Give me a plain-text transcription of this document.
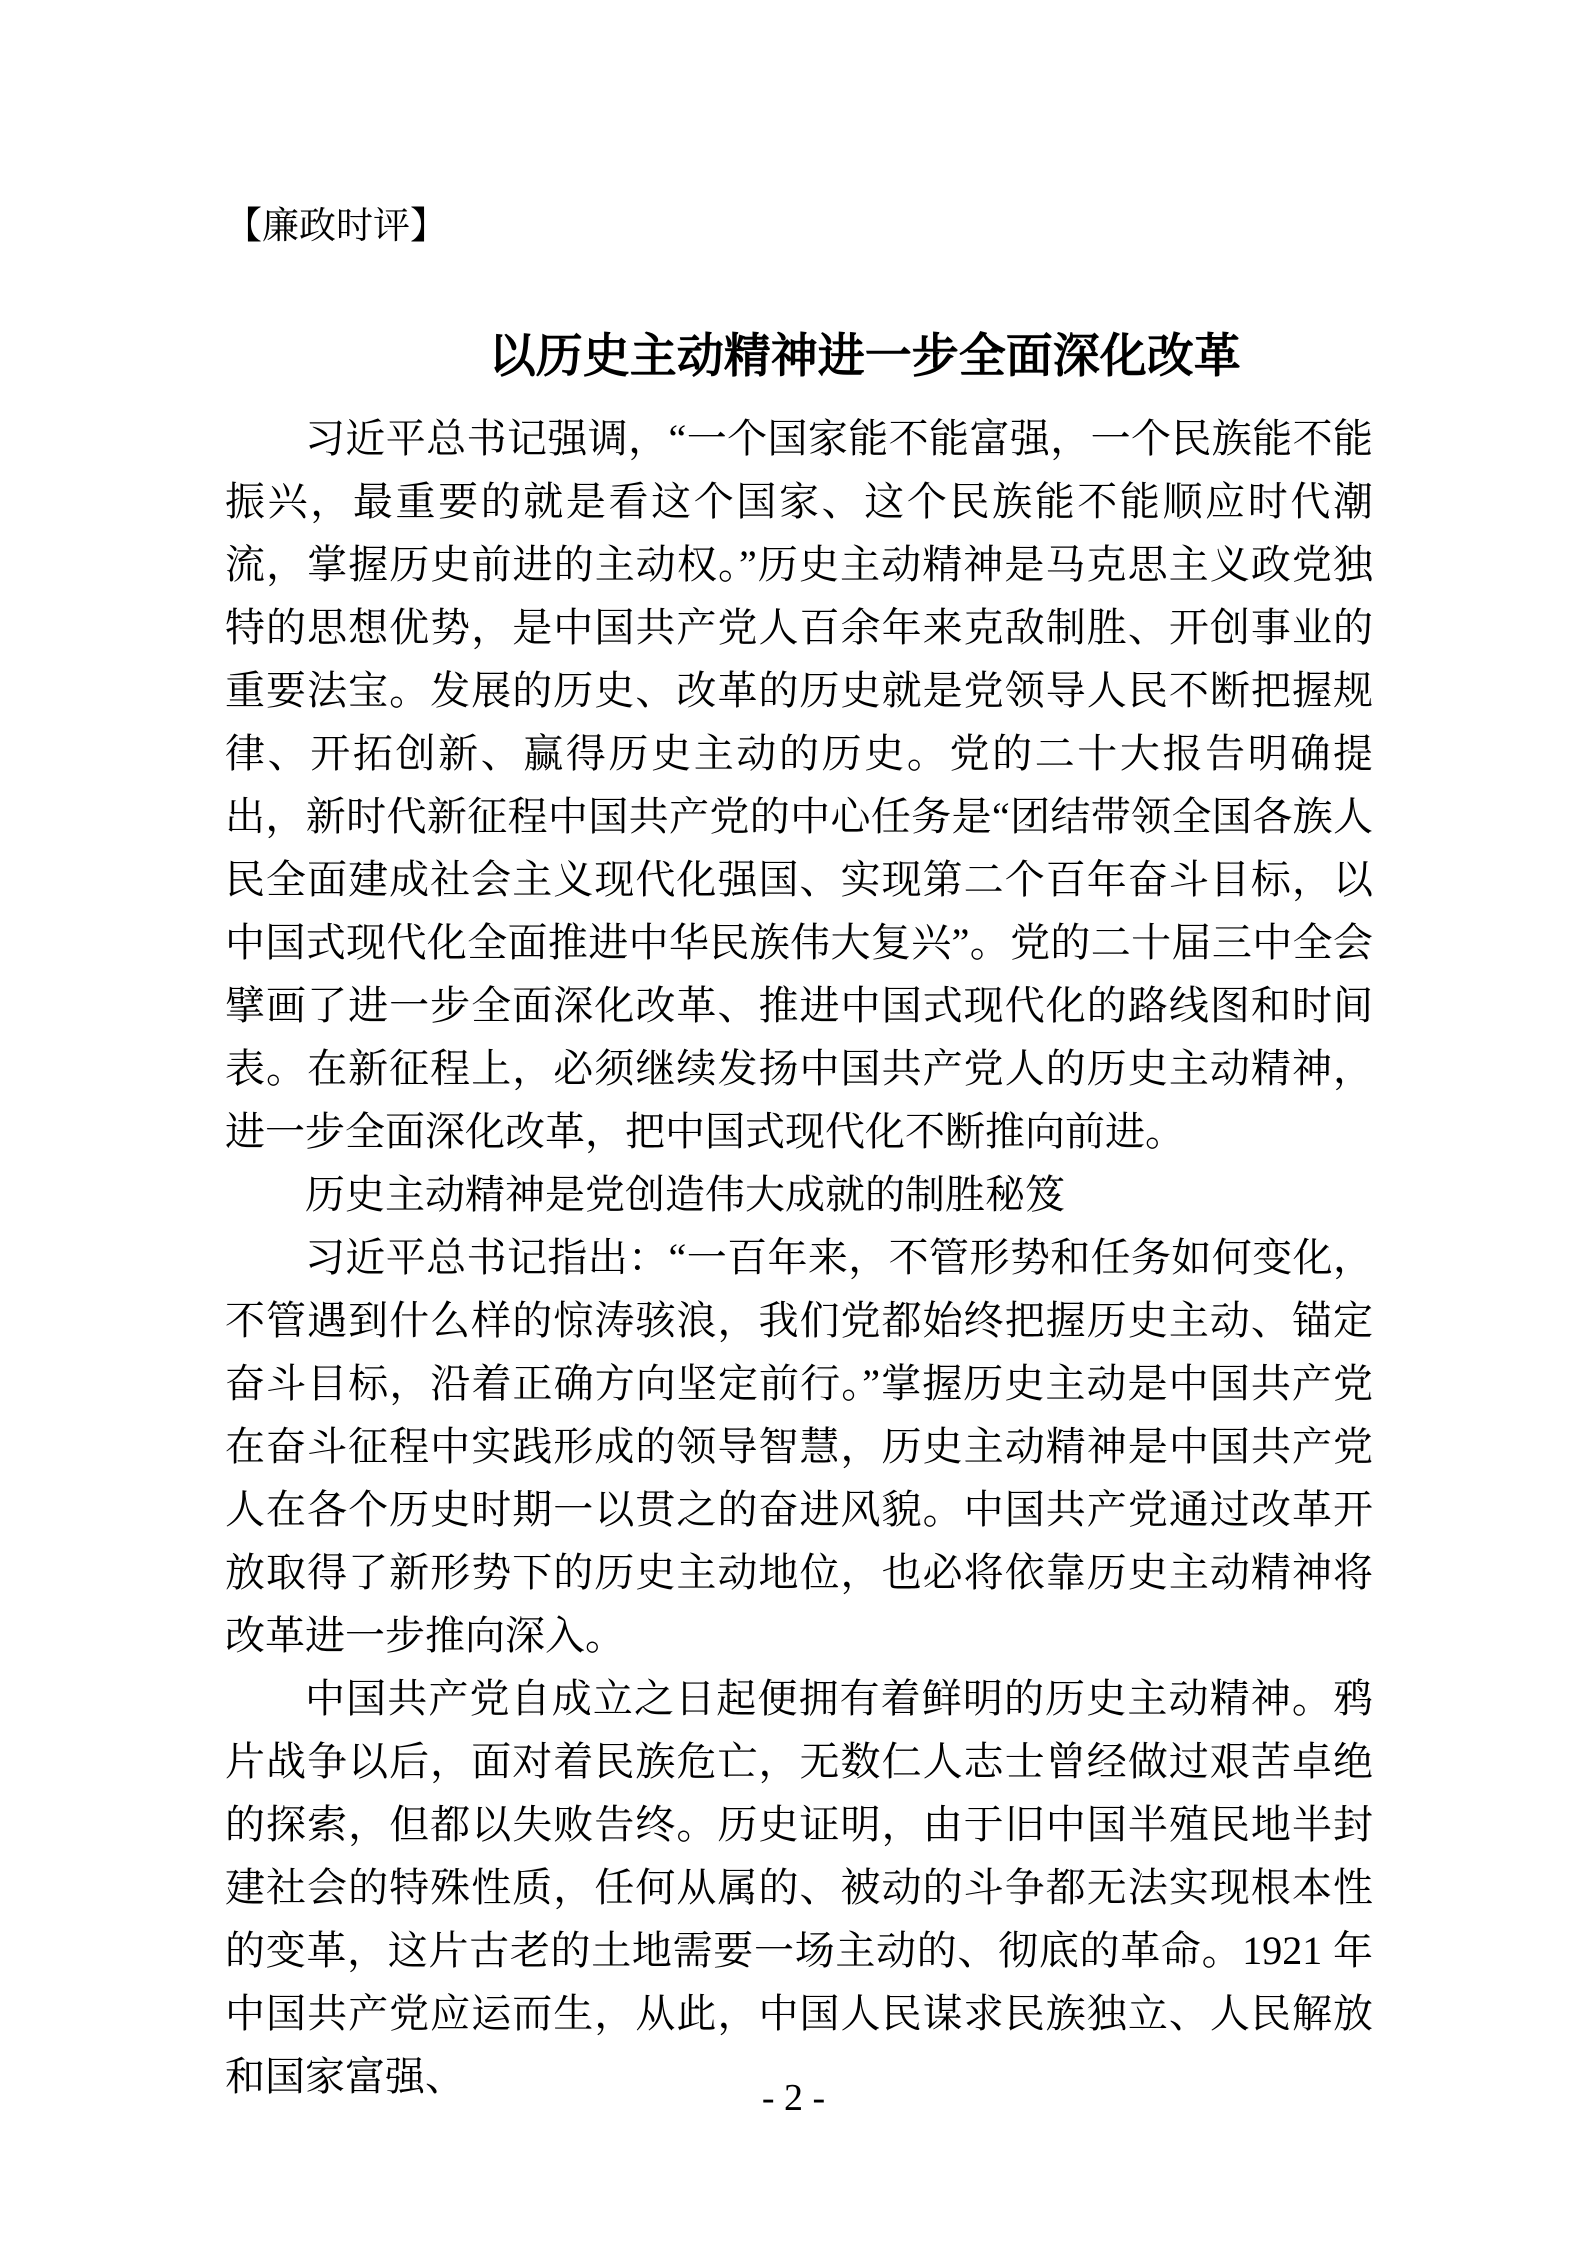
【廉政时评】

以历史主动精神进一步全面深化改革

习近平总书记强调，“一个国家能不能富强，一个民族能不能振兴，最重要的就是看这个国家、这个民族能不能顺应时代潮流，掌握历史前进的主动权。”历史主动精神是马克思主义政党独特的思想优势，是中国共产党人百余年来克敌制胜、开创事业的重要法宝。发展的历史、改革的历史就是党领导人民不断把握规律、开拓创新、赢得历史主动的历史。党的二十大报告明确提出，新时代新征程中国共产党的中心任务是“团结带领全国各族人民全面建成社会主义现代化强国、实现第二个百年奋斗目标，以中国式现代化全面推进中华民族伟大复兴”。党的二十届三中全会擘画了进一步全面深化改革、推进中国式现代化的路线图和时间表。在新征程上，必须继续发扬中国共产党人的历史主动精神，进一步全面深化改革，把中国式现代化不断推向前进。

历史主动精神是党创造伟大成就的制胜秘笈

习近平总书记指出：“一百年来，不管形势和任务如何变化，不管遇到什么样的惊涛骇浪，我们党都始终把握历史主动、锚定奋斗目标，沿着正确方向坚定前行。”掌握历史主动是中国共产党在奋斗征程中实践形成的领导智慧，历史主动精神是中国共产党人在各个历史时期一以贯之的奋进风貌。中国共产党通过改革开放取得了新形势下的历史主动地位，也必将依靠历史主动精神将改革进一步推向深入。

中国共产党自成立之日起便拥有着鲜明的历史主动精神。鸦片战争以后，面对着民族危亡，无数仁人志士曾经做过艰苦卓绝的探索，但都以失败告终。历史证明，由于旧中国半殖民地半封建社会的特殊性质，任何从属的、被动的斗争都无法实现根本性的变革，这片古老的土地需要一场主动的、彻底的革命。1921 年中国共产党应运而生，从此，中国人民谋求民族独立、人民解放和国家富强、	- 2 -
